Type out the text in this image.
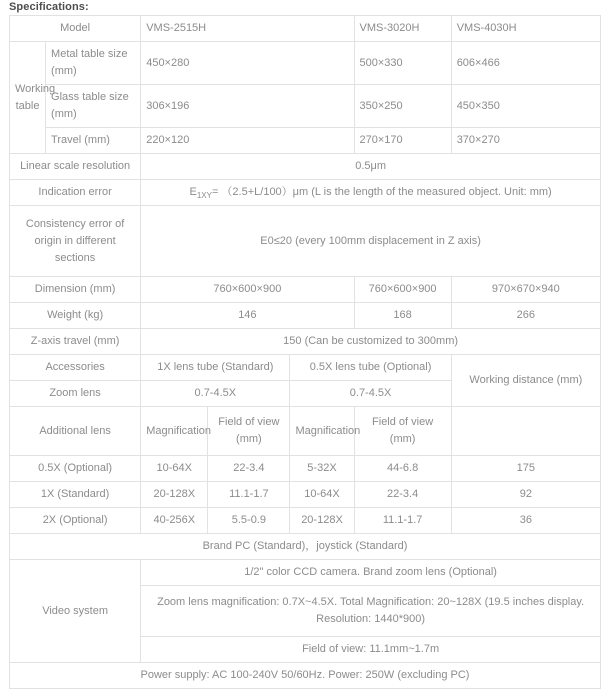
Specifications:
Model		VMS-2515H			VMS-3020H	VMS-4030H
Working table	Metal table size (mm)	450×280			500×330	606×466
	Glass table size (mm)	306×196			350×250	450×350
	Travel (mm)	220×120			270×170	370×270
Linear scale resolution		0.5μm				
Indication error		$E_{1XY}= (2.5+L/100)\mu m$ (L is the length of the measured object. Unit: mm)				
Consistency error of origin in different sections		E0≤20 (every 100mm displacement in Z axis)				
Dimension (mm)		760×600×900			760×600×900	970×670×940
Weight (kg)		146			168	266
Z-axis travel (mm)		150 (Can be customized to 300mm)				
Accessories		1X lens tube (Standard)		0.5X lens tube (Optional)		Working distance (mm)
Zoom lens		0.7-4.5X		0.7-4.5X		
Additional lens		Magnification	Field of view (mm)	Magnification	Field of view (mm)	
0.5X (Optional)		10-64X	22-3.4	5-32X	44-6.8	175
1X (Standard)		20-128X	11.1-1.7	10-64X	22-3.4	92
2X (Optional)		40-256X	5.5-0.9	20-128X	11.1-1.7	36
Brand PC (Standard)，joystick (Standard)						
Video system		1/2" color CCD camera. Brand zoom lens (Optional)				
		Zoom lens magnification: 0.7X~4.5X. Total Magnification: 20~128X (19.5 inches display. Resolution: 1440*900)				
		Field of view: 11.1mm~1.7m				
Power supply: AC 100-240V 50/60Hz. Power: 250W (excluding PC)						
